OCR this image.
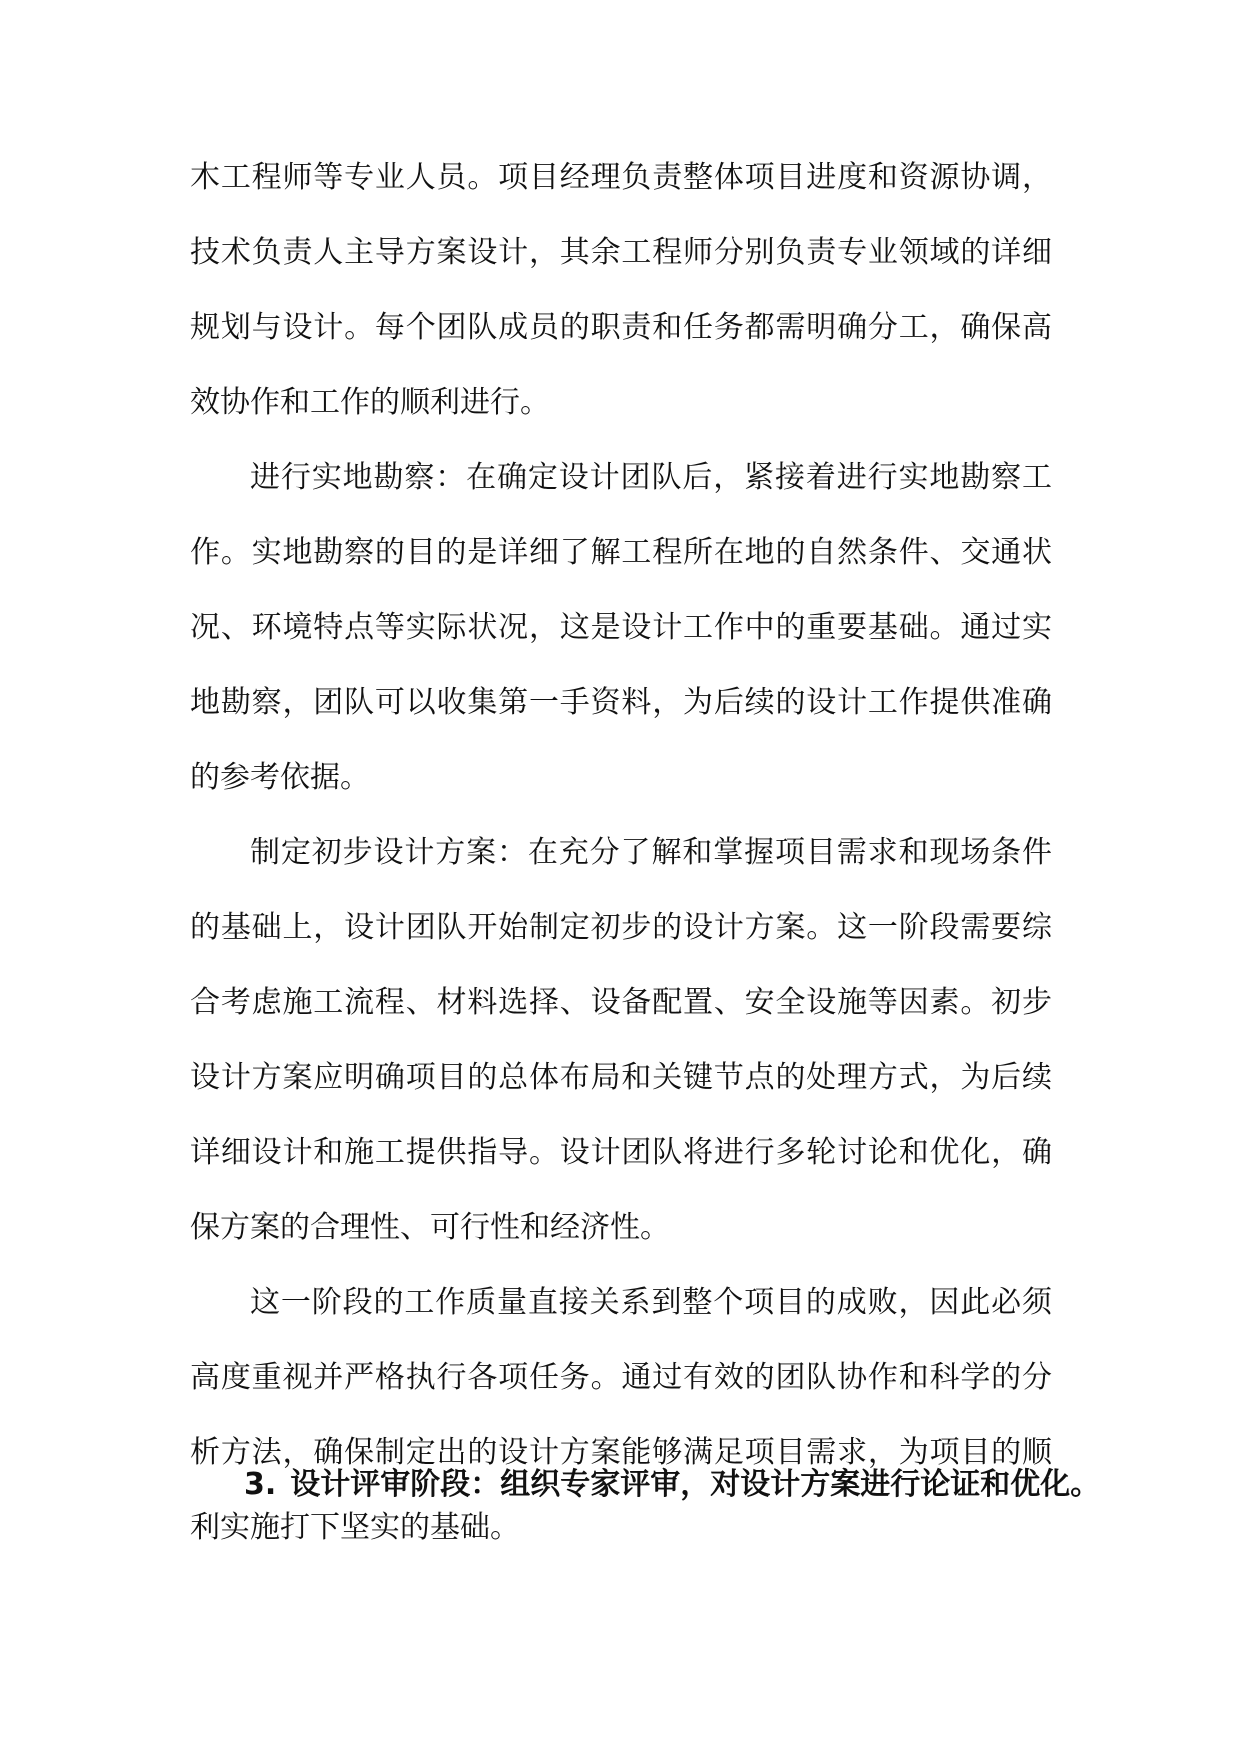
木工程师等专业人员。项目经理负责整体项目进度和资源协调，技术负责人主导方案设计，其余工程师分别负责专业领域的详细规划与设计。每个团队成员的职责和任务都需明确分工，确保高效协作和工作的顺利进行。

进行实地勘察：在确定设计团队后，紧接着进行实地勘察工作。实地勘察的目的是详细了解工程所在地的自然条件、交通状况、环境特点等实际状况，这是设计工作中的重要基础。通过实地勘察，团队可以收集第一手资料，为后续的设计工作提供准确的参考依据。

制定初步设计方案：在充分了解和掌握项目需求和现场条件的基础上，设计团队开始制定初步的设计方案。这一阶段需要综合考虑施工流程、材料选择、设备配置、安全设施等因素。初步设计方案应明确项目的总体布局和关键节点的处理方式，为后续详细设计和施工提供指导。设计团队将进行多轮讨论和优化，确保方案的合理性、可行性和经济性。

这一阶段的工作质量直接关系到整个项目的成败，因此必须高度重视并严格执行各项任务。通过有效的团队协作和科学的分析方法，确保制定出的设计方案能够满足项目需求，为项目的顺利实施打下坚实的基础。

3. 设计评审阶段：组织专家评审，对设计方案进行论证和优化。
